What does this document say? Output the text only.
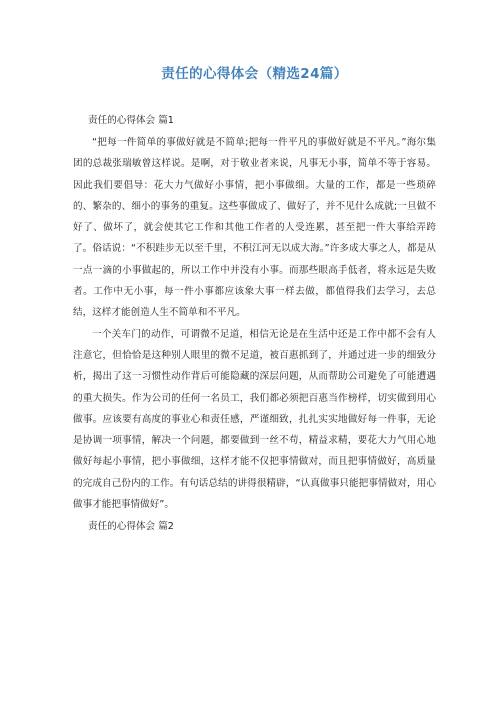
责任的心得体会（精选24篇）
责任的心得体会 篇1

“把每一件简单的事做好就是不简单;把每一件平凡的事做好就是不平凡。”海尔集团的总裁张瑞敏曾这样说。是啊，对于敬业者来说，凡事无小事，简单不等于容易。因此我们要倡导：花大力气做好小事情，把小事做细。大量的工作，都是一些琐碎的、繁杂的、细小的事务的重复。这些事做成了、做好了，并不见什么成就;一旦做不好了、做坏了，就会使其它工作和其他工作者的人受连累，甚至把一件大事给弄跨了。俗话说：“不积跬步无以至千里，不积江河无以成大海。”许多成大事之人，都是从一点一滴的小事做起的，所以工作中并没有小事。而那些眼高手低者，将永远是失败者。工作中无小事，每一件小事都应该象大事一样去做，都值得我们去学习，去总结，这样才能创造人生不简单和不平凡。

一个关车门的动作，可谓微不足道，相信无论是在生活中还是工作中都不会有人注意它，但恰恰是这种别人眼里的微不足道，被百惠抓到了，并通过进一步的细致分析，揭出了这一习惯性动作背后可能隐藏的深层问题，从而帮助公司避免了可能遭遇的重大损失。作为公司的任何一名员工，我们都必须把百惠当作榜样，切实做到用心做事。应该要有高度的事业心和责任感，严谨细致，扎扎实实地做好每一件事，无论是协调一项事情，解决一个问题，都要做到一丝不苟，精益求精，要花大力气用心地做好每起小事情，把小事做细，这样才能不仅把事情做对，而且把事情做好，高质量的完成自己份内的工作。有句话总结的讲得很精辟，“认真做事只能把事情做对，用心做事才能把事情做好”。

责任的心得体会 篇2
